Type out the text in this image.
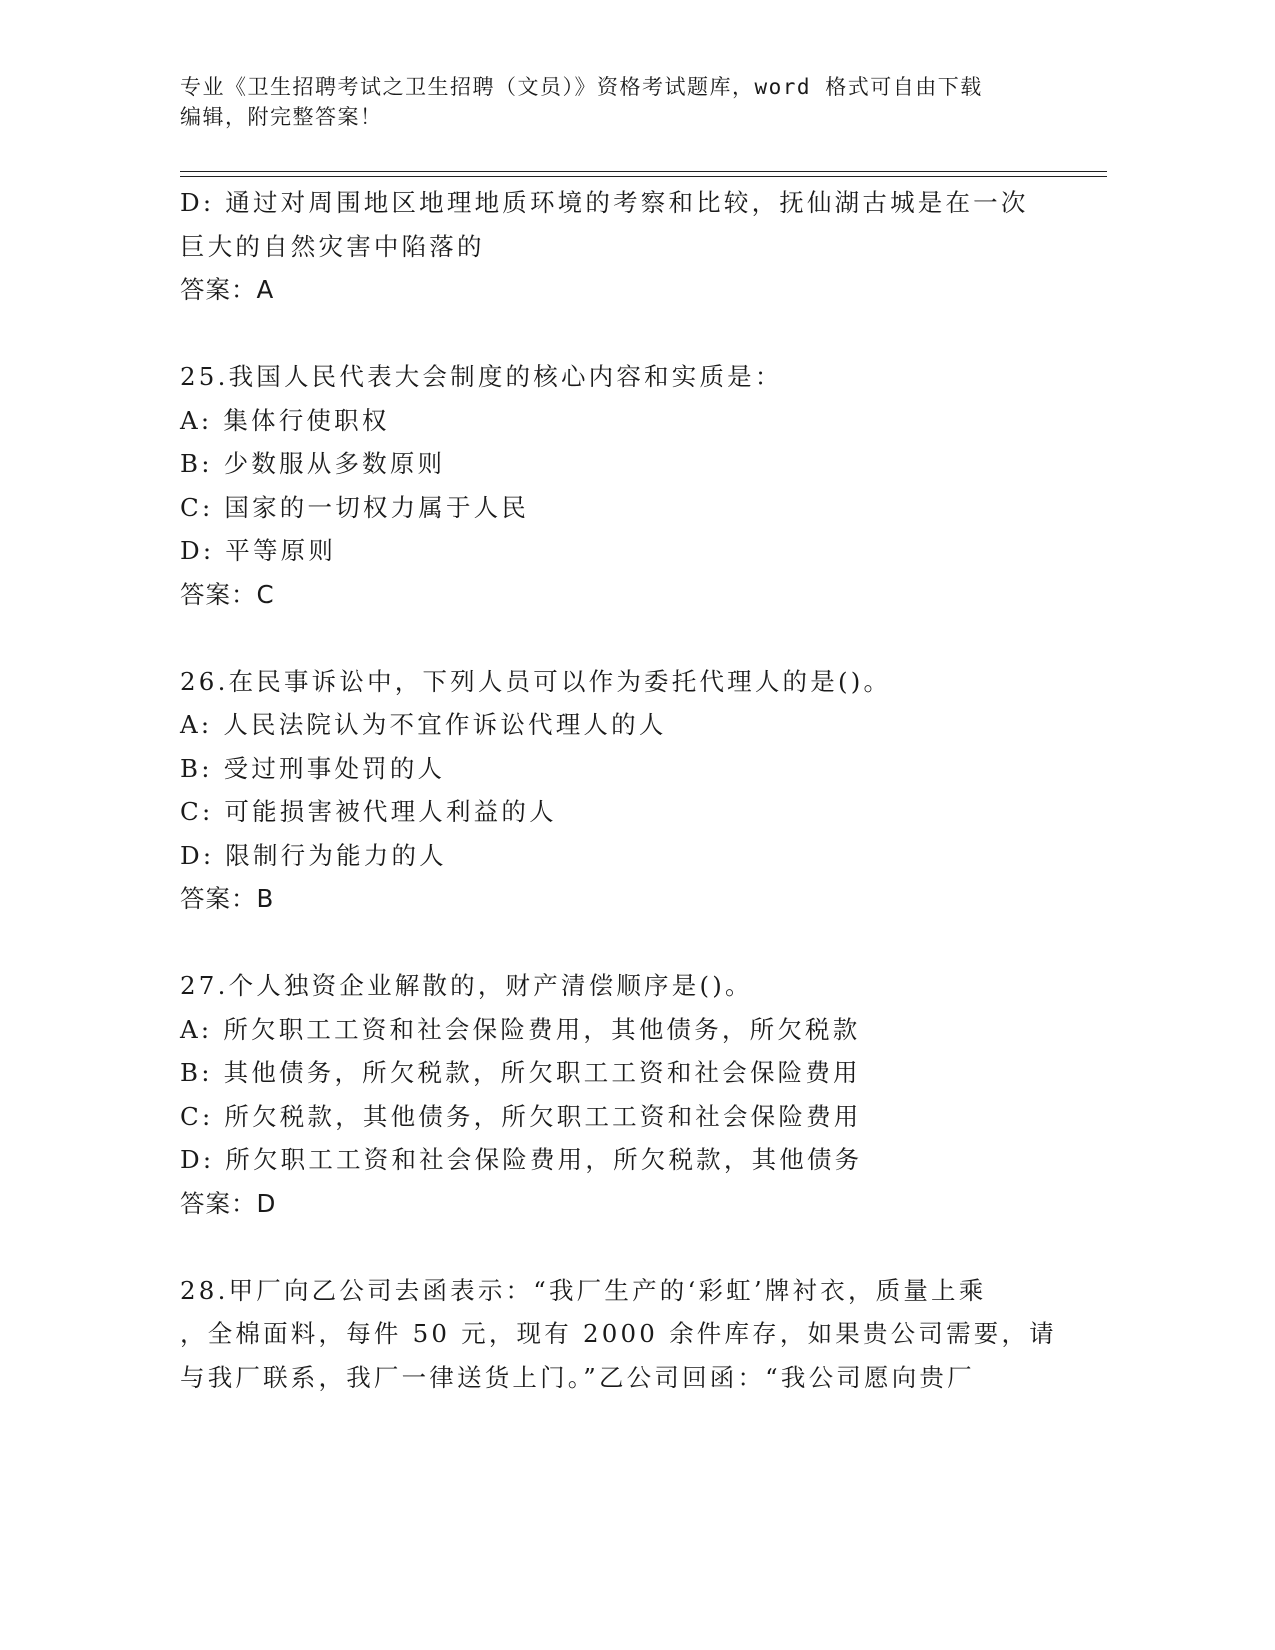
专业《卫生招聘考试之卫生招聘（文员）》资格考试题库，word 格式可自由下载
编辑，附完整答案！
D: 通过对周围地区地理地质环境的考察和比较，抚仙湖古城是在一次
巨大的自然灾害中陷落的
答案：A
25.我国人民代表大会制度的核心内容和实质是：
A: 集体行使职权
B: 少数服从多数原则
C: 国家的一切权力属于人民
D: 平等原则
答案：C
26.在民事诉讼中，下列人员可以作为委托代理人的是()。
A: 人民法院认为不宜作诉讼代理人的人
B: 受过刑事处罚的人
C: 可能损害被代理人利益的人
D: 限制行为能力的人
答案：B
27.个人独资企业解散的，财产清偿顺序是()。
A: 所欠职工工资和社会保险费用，其他债务，所欠税款
B: 其他债务，所欠税款，所欠职工工资和社会保险费用
C: 所欠税款，其他债务，所欠职工工资和社会保险费用
D: 所欠职工工资和社会保险费用，所欠税款，其他债务
答案：D
28.甲厂向乙公司去函表示：“我厂生产的‘彩虹’牌衬衣，质量上乘
，全棉面料，每件 50 元，现有 2000 余件库存，如果贵公司需要，请
与我厂联系，我厂一律送货上门。”乙公司回函：“我公司愿向贵厂
